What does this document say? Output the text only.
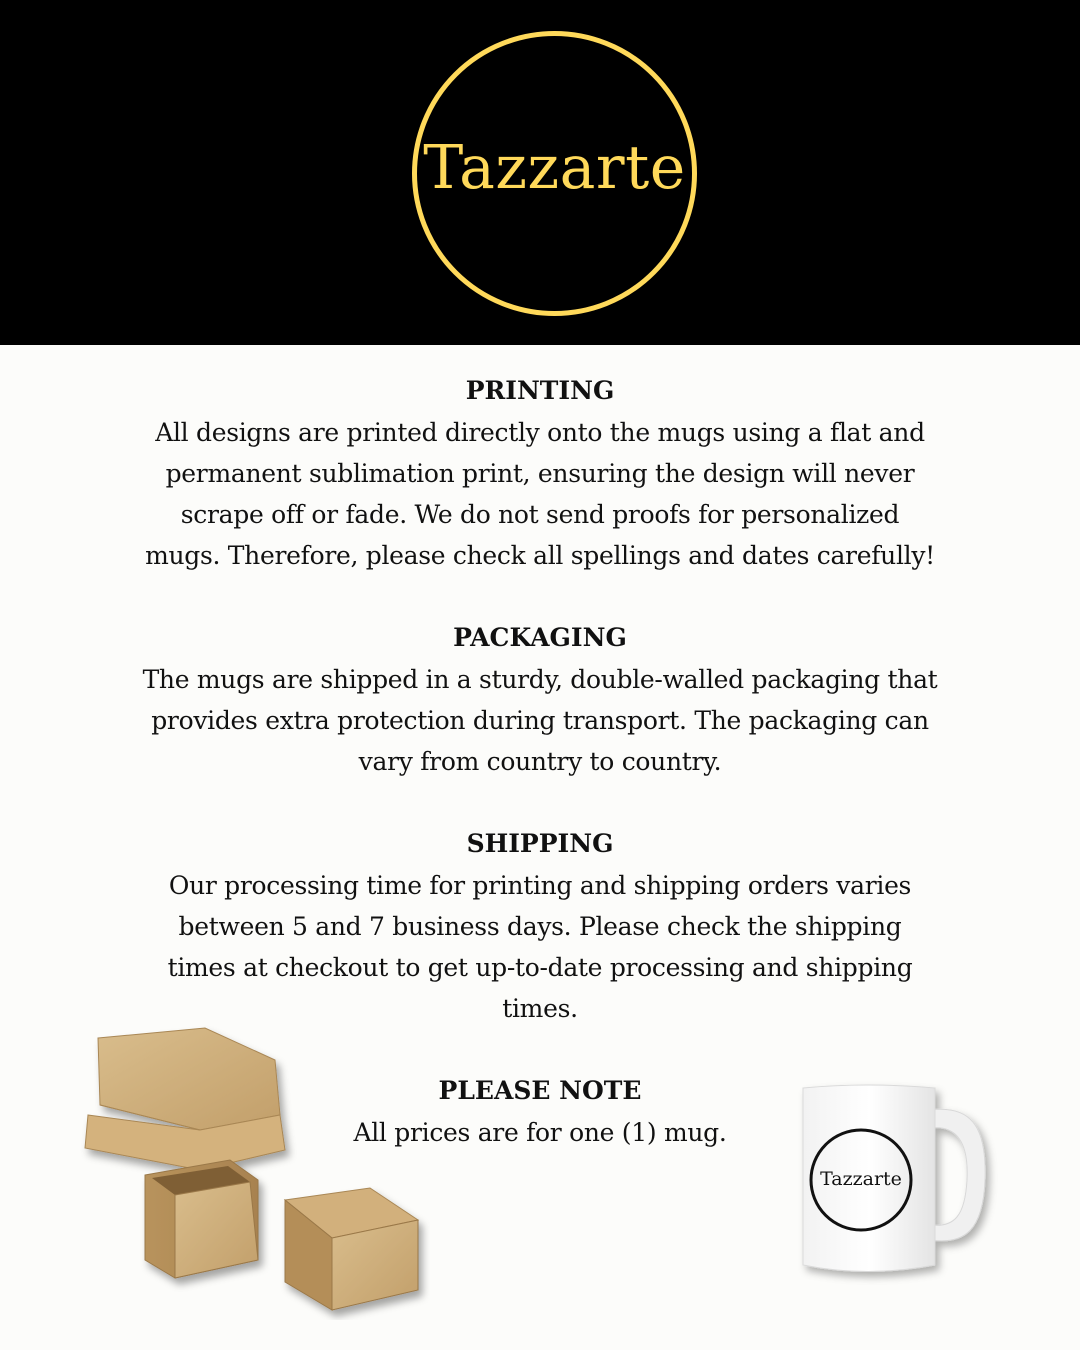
Tazzarte
PRINTING

All designs are printed directly onto the mugs using a flat and permanent sublimation print, ensuring the design will never scrape off or fade. We do not send proofs for personalized mugs. Therefore, please check all spellings and dates carefully!

PACKAGING

The mugs are shipped in a sturdy, double-walled packaging that provides extra protection during transport. The packaging can vary from country to country.

SHIPPING

Our processing time for printing and shipping orders varies between 5 and 7 business days. Please check the shipping times at checkout to get up-to-date processing and shipping times.

PLEASE NOTE

All prices are for one (1) mug.

Tazzarte
